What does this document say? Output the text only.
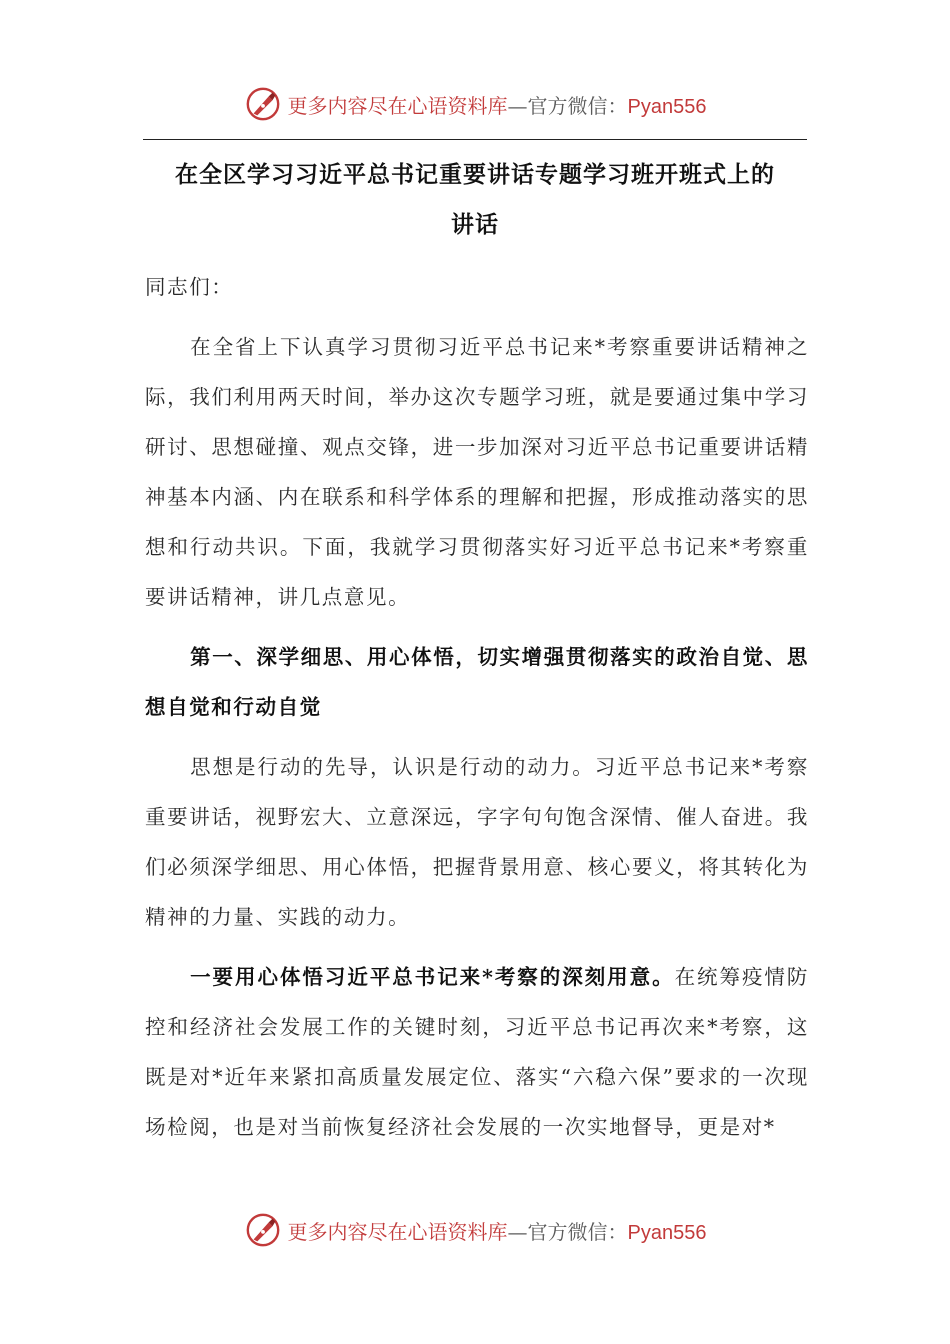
更多内容尽在心语资料库—官方微信：Pyan556
在全区学习习近平总书记重要讲话专题学习班开班式上的
讲话

同志们：

在全省上下认真学习贯彻习近平总书记来*考察重要讲话精神之际，我们利用两天时间，举办这次专题学习班，就是要通过集中学习研讨、思想碰撞、观点交锋，进一步加深对习近平总书记重要讲话精神基本内涵、内在联系和科学体系的理解和把握，形成推动落实的思想和行动共识。下面，我就学习贯彻落实好习近平总书记来*考察重要讲话精神，讲几点意见。

第一、深学细思、用心体悟，切实增强贯彻落实的政治自觉、思想自觉和行动自觉

思想是行动的先导，认识是行动的动力。习近平总书记来*考察重要讲话，视野宏大、立意深远，字字句句饱含深情、催人奋进。我们必须深学细思、用心体悟，把握背景用意、核心要义，将其转化为精神的力量、实践的动力。

一要用心体悟习近平总书记来*考察的深刻用意。在统筹疫情防控和经济社会发展工作的关键时刻，习近平总书记再次来*考察，这既是对*近年来紧扣高质量发展定位、落实“六稳六保”要求的一次现场检阅，也是对当前恢复经济社会发展的一次实地督导，更是对*

更多内容尽在心语资料库—官方微信：Pyan556
